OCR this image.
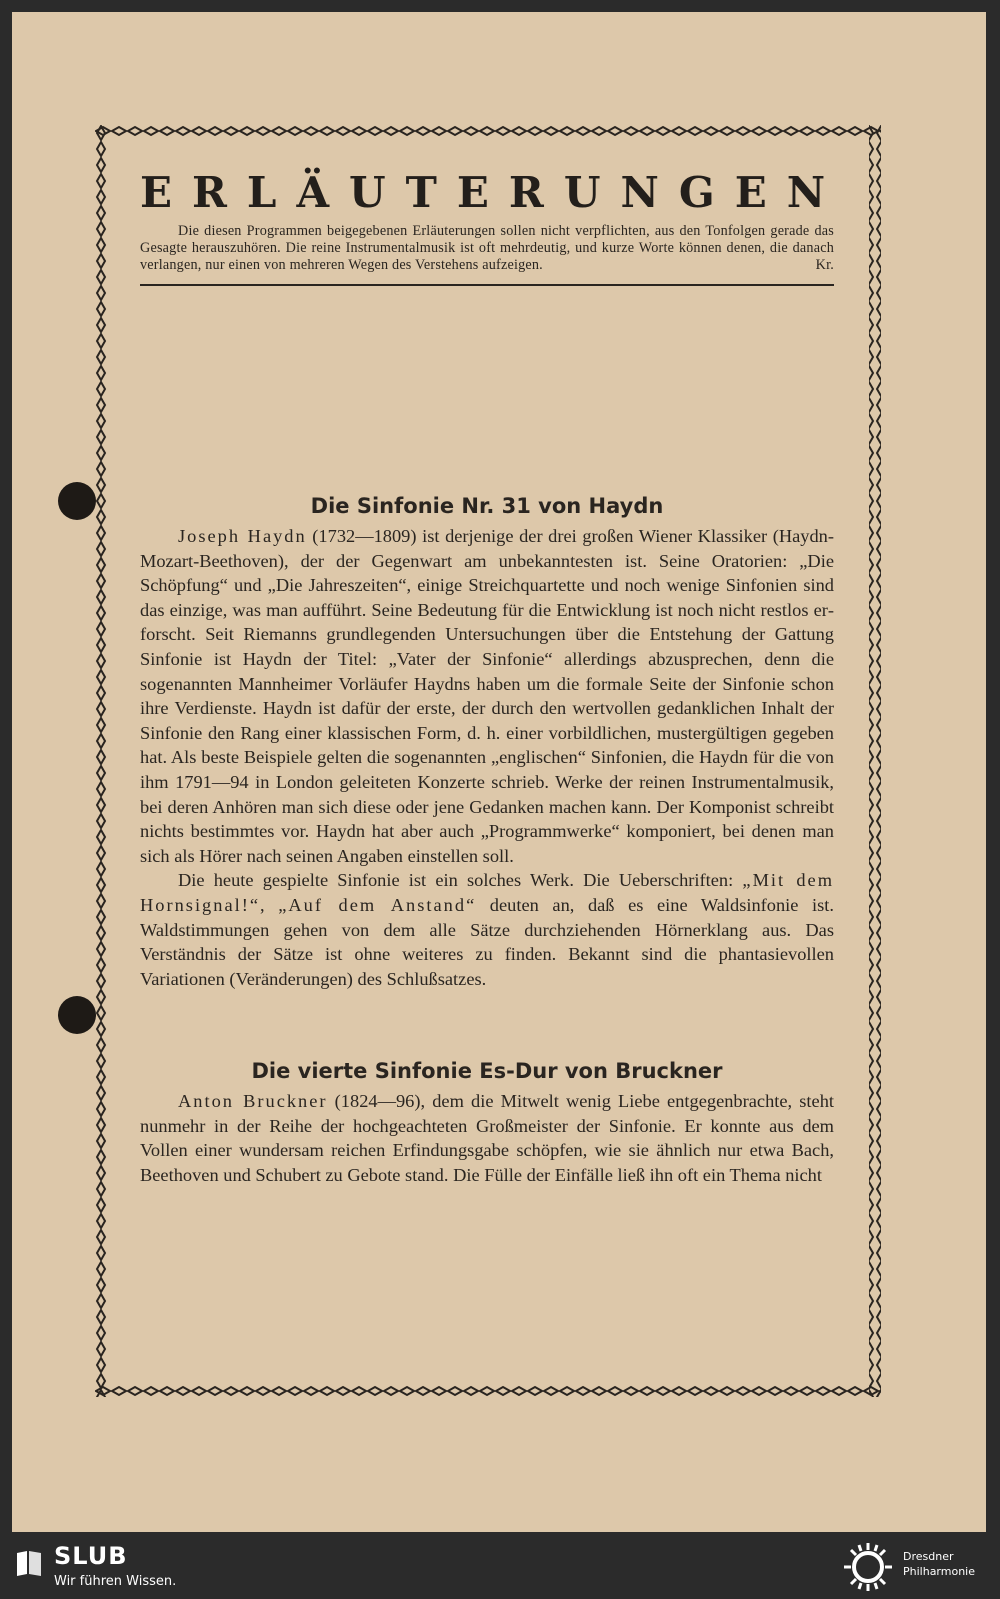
ERLÄUTERUNGEN
Die diesen Programmen beigegebenen Erläuterungen sollen nicht verpflichten, aus den Tonfolgen gerade das Gesagte herauszuhören. Die reine Instrumentalmusik ist oft mehrdeutig, und kurze Worte können denen, die danach verlangen, nur einen von mehreren Wegen des Verstehens aufzeigen.	Kr.
Die Sinfonie Nr. 31 von Haydn

Joseph Haydn (1732—1809) ist derjenige der drei großen Wiener Klassiker (Haydn-Mozart-Beethoven), der der Gegenwart am unbekanntesten ist. Seine Oratorien: „Die Schöpfung“ und „Die Jahreszeiten“, einige Streichquartette und noch wenige Sinfonien sind das einzige, was man aufführt. Seine Bedeutung für die Entwicklung ist noch nicht restlos erforscht. Seit Riemanns grundlegenden Untersuchungen über die Entstehung der Gattung Sinfonie ist Haydn der Titel: „Vater der Sinfonie“ allerdings abzusprechen, denn die sogenannten Mannheimer Vorläufer Haydns haben um die formale Seite der Sinfonie schon ihre Verdienste. Haydn ist dafür der erste, der durch den wertvollen gedanklichen Inhalt der Sinfonie den Rang einer klassischen Form, d. h. einer vorbildlichen, mustergültigen gegeben hat. Als beste Beispiele gelten die sogenannten „englischen“ Sinfonien, die Haydn für die von ihm 1791—94 in London geleiteten Konzerte schrieb. Werke der reinen Instrumentalmusik, bei deren Anhören man sich diese oder jene Gedanken machen kann. Der Komponist schreibt nichts bestimmtes vor. Haydn hat aber auch „Programmwerke“ komponiert, bei denen man sich als Hörer nach seinen Angaben einstellen soll.

Die heute gespielte Sinfonie ist ein solches Werk. Die Ueberschriften: „Mit dem Hornsignal!“, „Auf dem Anstand“ deuten an, daß es eine Waldsinfonie ist. Waldstimmungen gehen von dem alle Sätze durchziehenden Hörnerklang aus. Das Verständnis der Sätze ist ohne weiteres zu finden. Bekannt sind die phantasievollen Variationen (Veränderungen) des Schlußsatzes.

Die vierte Sinfonie Es-Dur von Bruckner

Anton Bruckner (1824—96), dem die Mitwelt wenig Liebe entgegenbrachte, steht nunmehr in der Reihe der hochgeachteten Großmeister der Sinfonie. Er konnte aus dem Vollen einer wundersam reichen Erfindungsgabe schöpfen, wie sie ähnlich nur etwa Bach, Beethoven und Schubert zu Gebote stand. Die Fülle der Einfälle ließ ihn oft ein Thema nicht

SLUB
Wir führen Wissen.
Dresdner
Philharmonie
